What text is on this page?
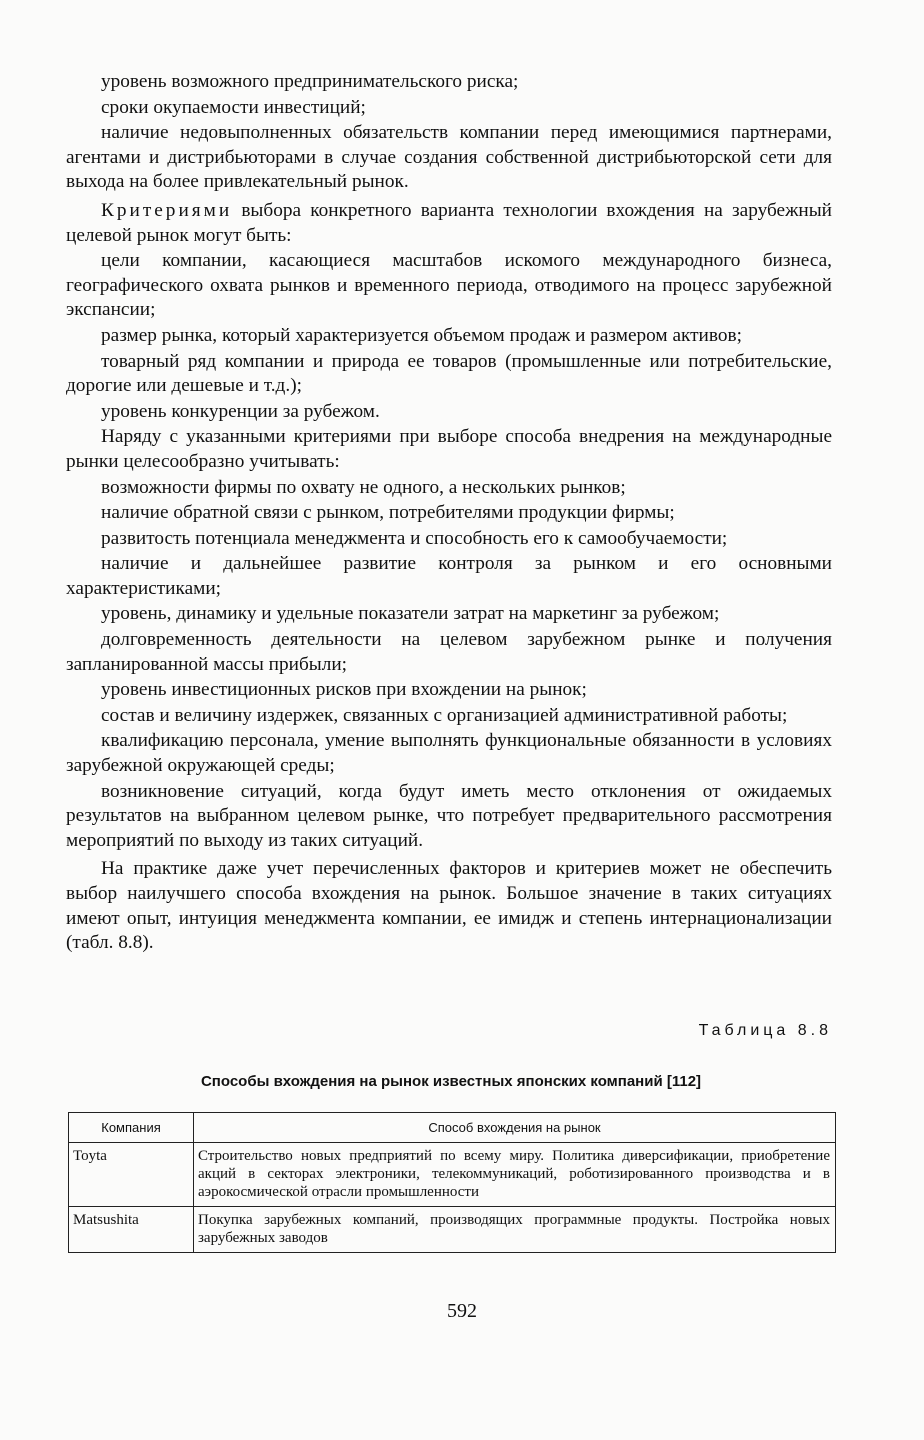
уровень возможного предпринимательского риска;

сроки окупаемости инвестиций;

наличие недовыполненных обязательств компании перед имеющимися партнерами, агентами и дистрибьюторами в случае создания собственной дистрибьюторской сети для выхода на более привлекательный рынок.

Критериями выбора конкретного варианта технологии вхождения на зарубежный целевой рынок могут быть:

цели компании, касающиеся масштабов искомого международного бизнеса, географического охвата рынков и временного периода, отводимого на процесс зарубежной экспансии;

размер рынка, который характеризуется объемом продаж и размером активов;

товарный ряд компании и природа ее товаров (промышленные или потребительские, дорогие или дешевые и т.д.);

уровень конкуренции за рубежом.

Наряду с указанными критериями при выборе способа внедрения на международные рынки целесообразно учитывать:

возможности фирмы по охвату не одного, а нескольких рынков;

наличие обратной связи с рынком, потребителями продукции фирмы;

развитость потенциала менеджмента и способность его к самообучаемости;

наличие и дальнейшее развитие контроля за рынком и его основными характеристиками;

уровень, динамику и удельные показатели затрат на маркетинг за рубежом;

долговременность деятельности на целевом зарубежном рынке и получения запланированной массы прибыли;

уровень инвестиционных рисков при вхождении на рынок;

состав и величину издержек, связанных с организацией административной работы;

квалификацию персонала, умение выполнять функциональные обязанности в условиях зарубежной окружающей среды;

возникновение ситуаций, когда будут иметь место отклонения от ожидаемых результатов на выбранном целевом рынке, что потребует предварительного рассмотрения мероприятий по выходу из таких ситуаций.

На практике даже учет перечисленных факторов и критериев может не обеспечить выбор наилучшего способа вхождения на рынок. Большое значение в таких ситуациях имеют опыт, интуиция менеджмента компании, ее имидж и степень интернационализации (табл. 8.8).

Таблица 8.8
Способы вхождения на рынок известных японских компаний [112]
Компания	Способ вхождения на рынок
Toyta	Строительство новых предприятий по всему миру. Политика диверсификации, приобретение акций в секторах электроники, телекоммуникаций, роботизированного производства и в аэрокосмической отрасли промышленности
Matsushita	Покупка зарубежных компаний, производящих программные продукты. Постройка новых зарубежных заводов
592
